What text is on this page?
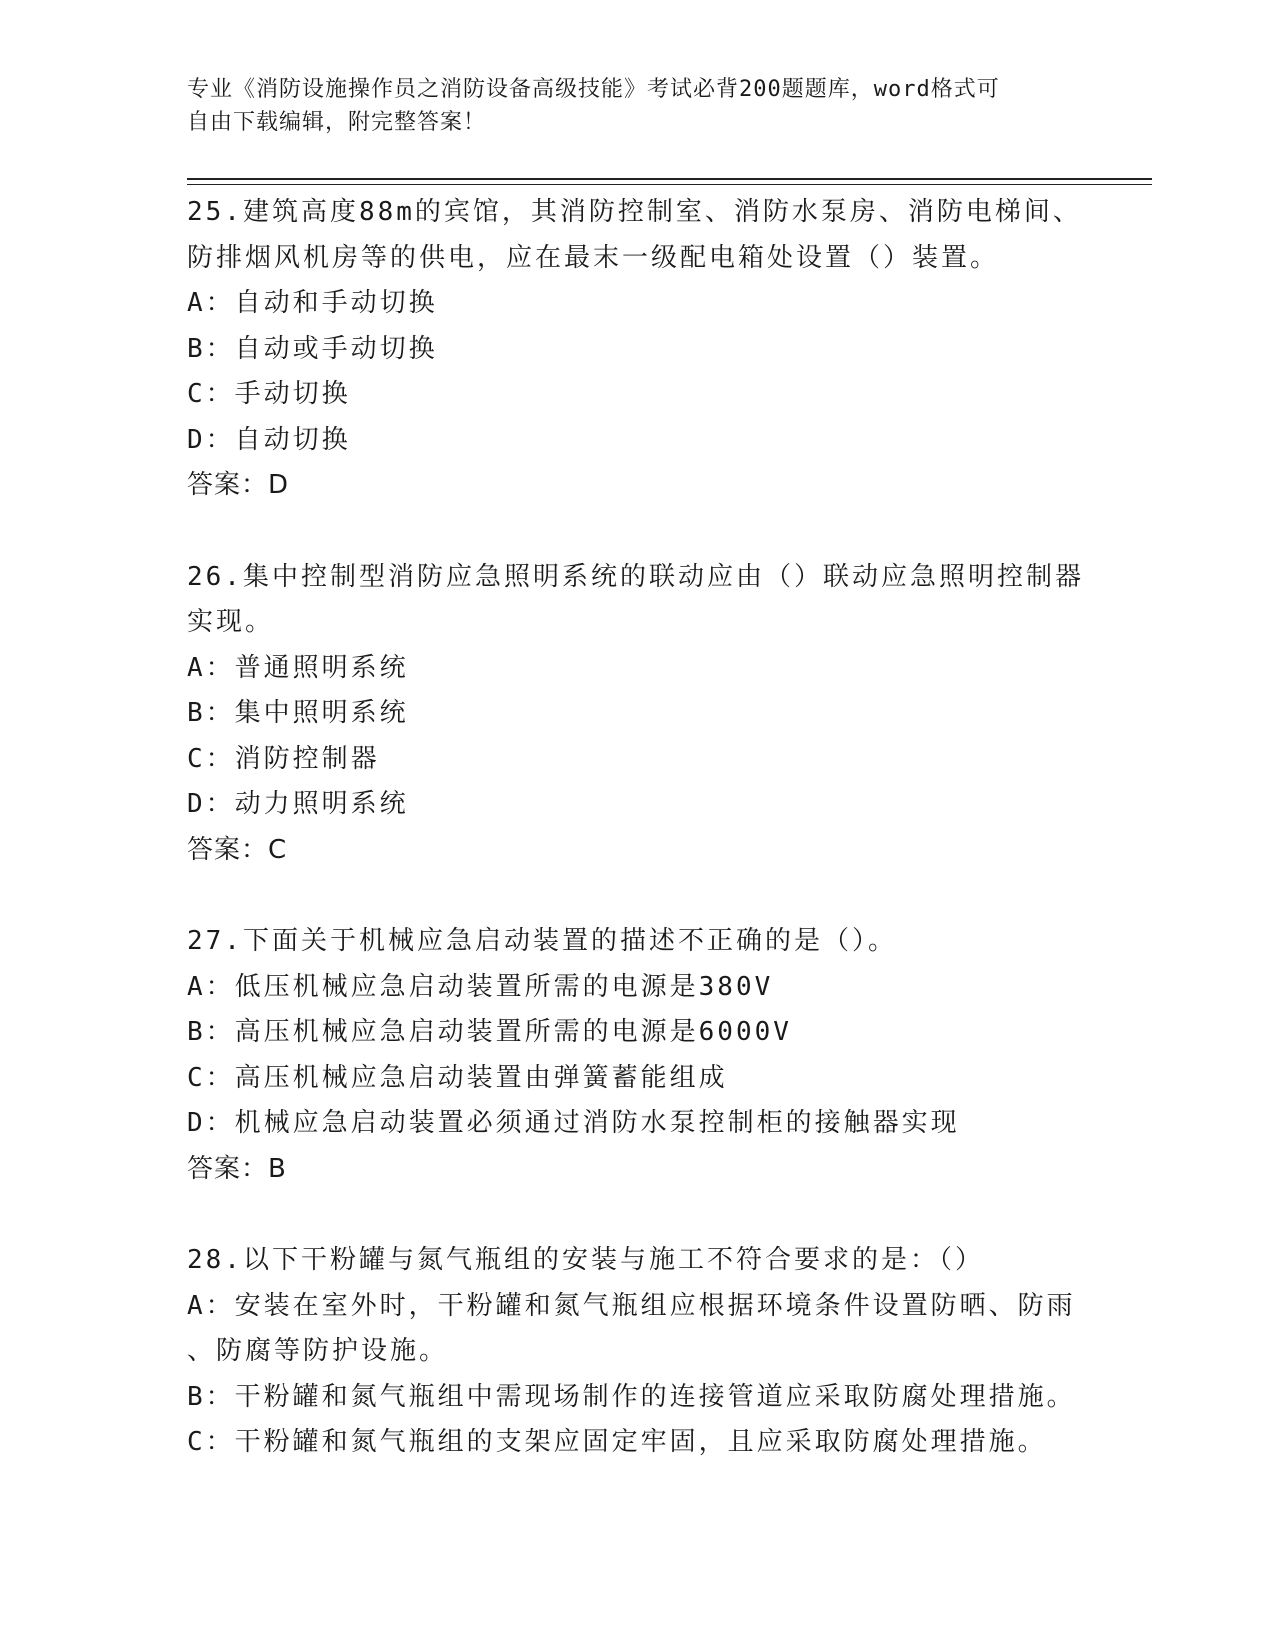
专业《消防设施操作员之消防设备高级技能》考试必背200题题库，word格式可
自由下载编辑，附完整答案！
25.建筑高度88m的宾馆，其消防控制室、消防水泵房、消防电梯间、
防排烟风机房等的供电，应在最末一级配电箱处设置（）装置。
A：自动和手动切换
B：自动或手动切换
C：手动切换
D：自动切换
答案：D
26.集中控制型消防应急照明系统的联动应由（）联动应急照明控制器
实现。
A：普通照明系统
B：集中照明系统
C：消防控制器
D：动力照明系统
答案：C
27.下面关于机械应急启动装置的描述不正确的是（）。
A：低压机械应急启动装置所需的电源是380V
B：高压机械应急启动装置所需的电源是6000V
C：高压机械应急启动装置由弹簧蓄能组成
D：机械应急启动装置必须通过消防水泵控制柜的接触器实现
答案：B
28.以下干粉罐与氮气瓶组的安装与施工不符合要求的是：（）
A：安装在室外时，干粉罐和氮气瓶组应根据环境条件设置防晒、防雨
、防腐等防护设施。
B：干粉罐和氮气瓶组中需现场制作的连接管道应采取防腐处理措施。
C：干粉罐和氮气瓶组的支架应固定牢固，且应采取防腐处理措施。
